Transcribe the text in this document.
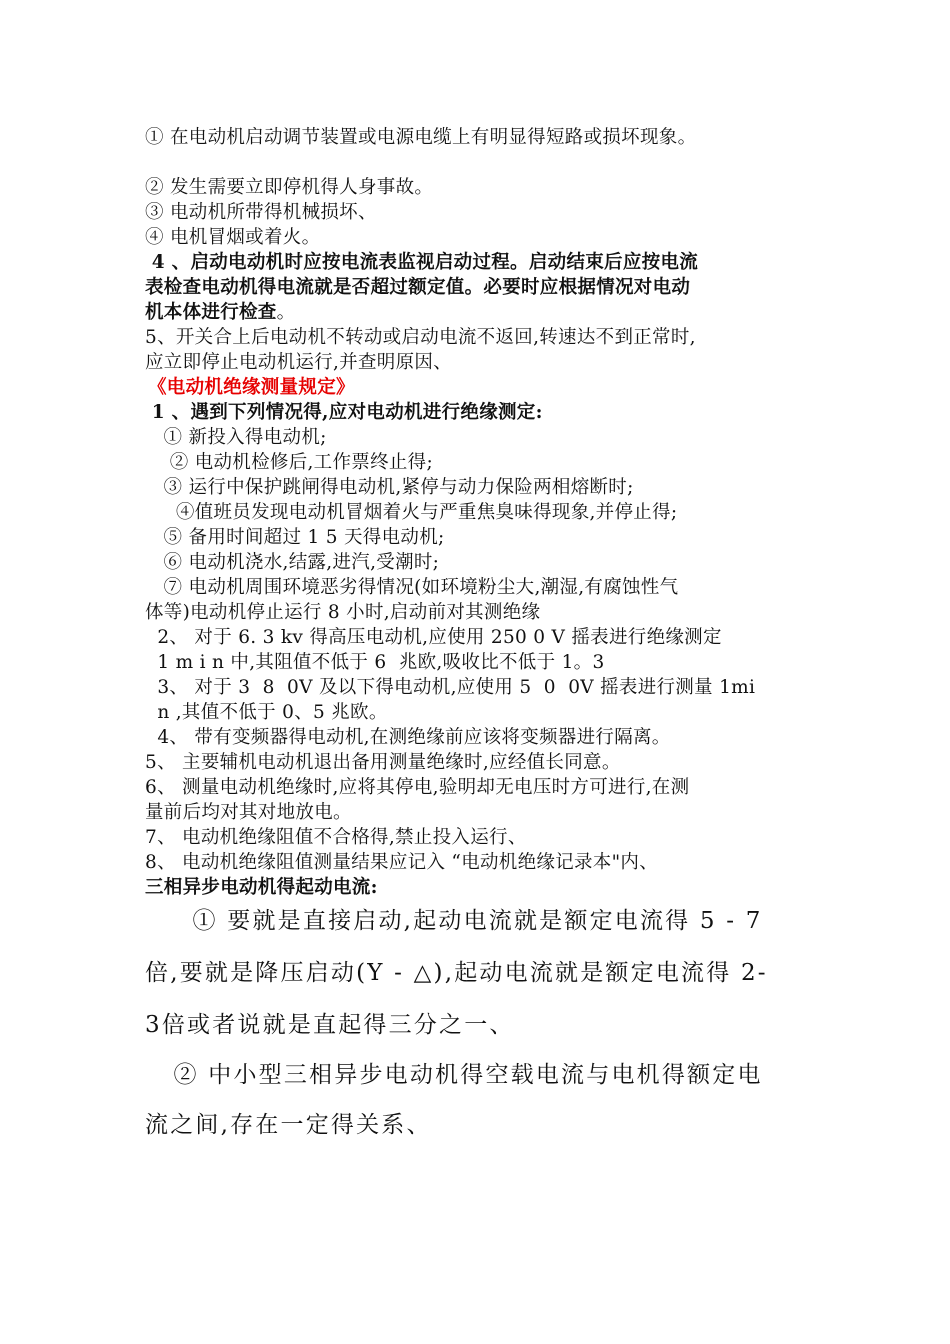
① 在电动机启动调节装置或电源电缆上有明显得短路或损坏现象。
② 发生需要立即停机得人身事故。
③ 电动机所带得机械损坏、
④ 电机冒烟或着火。
4 、启动电动机时应按电流表监视启动过程。启动结束后应按电流
表检查电动机得电流就是否超过额定值。必要时应根据情况对电动
机本体进行检查。
5、开关合上后电动机不转动或启动电流不返回,转速达不到正常时,
应立即停止电动机运行,并查明原因、
《电动机绝缘测量规定》
1 、遇到下列情况得,应对电动机进行绝缘测定:
① 新投入得电动机;
② 电动机检修后,工作票终止得;
③ 运行中保护跳闸得电动机,紧停与动力保险两相熔断时;
④值班员发现电动机冒烟着火与严重焦臭味得现象,并停止得;
⑤ 备用时间超过 1 5 天得电动机;
⑥ 电动机浇水,结露,进汽,受潮时;
⑦ 电动机周围环境恶劣得情况(如环境粉尘大,潮湿,有腐蚀性气
体等)电动机停止运行 8 小时,启动前对其测绝缘
2、 对于 6. 3 kv 得高压电动机,应使用 250 0 V 摇表进行绝缘测定
1 m i n 中,其阻值不低于 6  兆欧,吸收比不低于 1。3
3、 对于 3  8  0V 及以下得电动机,应使用 5  0  0V 摇表进行测量 1mi
n ,其值不低于 0、5 兆欧。
4、 带有变频器得电动机,在测绝缘前应该将变频器进行隔离。
5、 主要辅机电动机退出备用测量绝缘时,应经值长同意。
6、 测量电动机绝缘时,应将其停电,验明却无电压时方可进行,在测
量前后均对其对地放电。
7、 电动机绝缘阻值不合格得,禁止投入运行、
8、 电动机绝缘阻值测量结果应记入 “电动机绝缘记录本"内、
三相异步电动机得起动电流:
① 要就是直接启动,起动电流就是额定电流得 5 - 7
倍,要就是降压启动(Y - △),起动电流就是额定电流得 2-
3倍或者说就是直起得三分之一、
② 中小型三相异步电动机得空载电流与电机得额定电
流之间,存在一定得关系、
